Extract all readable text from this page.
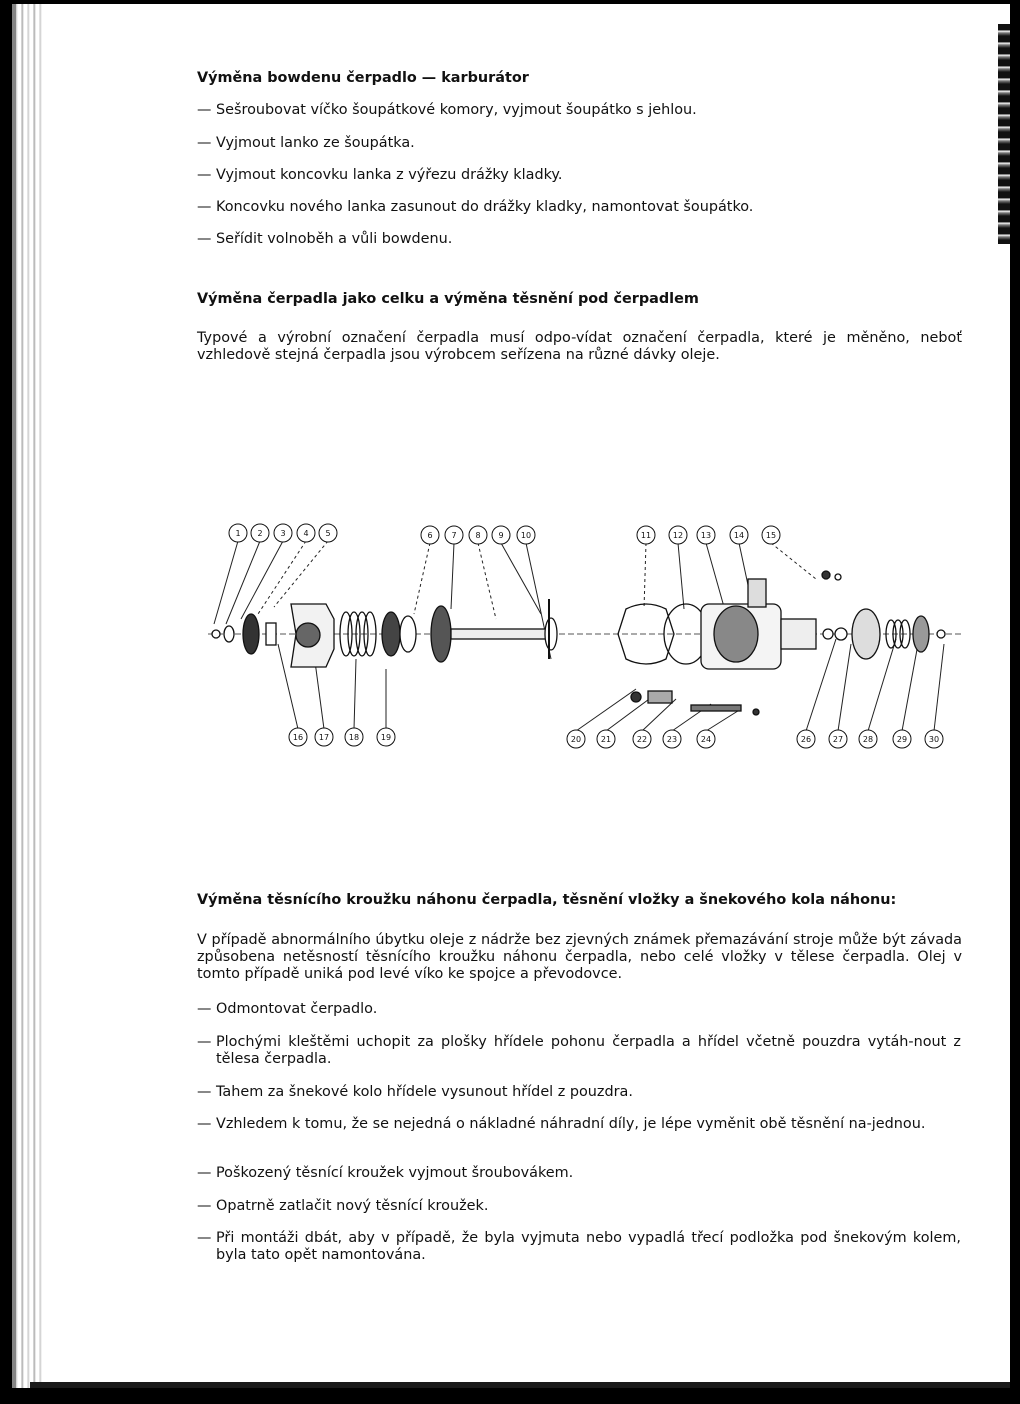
Výměna bowdenu čerpadlo — karburátor
— Sešroubovat víčko šoupátkové komory, vyjmout šoupátko s jehlou.
— Vyjmout lanko ze šoupátka.
— Vyjmout koncovku lanka z výřezu drážky kladky.
— Koncovku nového lanka zasunout do drážky kladky, namontovat šoupátko.
— Seřídit volnoběh a vůli bowdenu.
Výměna čerpadla jako celku a výměna těsnění pod čerpadlem
Typové a výrobní označení čerpadla musí odpo-vídat označení čerpadla, které je měněno, neboť vzhledově stejná čerpadla jsou výrobcem seřízena na různé dávky oleje.
1 2 3 4 5	6 7 8 9 10	11	12 13	14	15
16 17 18	19	20 21	22 23	24	26	27 28	29	30
Výměna těsnícího kroužku náhonu čerpadla, těsnění vložky a šnekového kola náhonu:
V případě abnormálního úbytku oleje z nádrže bez zjevných známek přemazávání stroje může být závada způsobena netěsností těsnícího kroužku náhonu čerpadla, nebo celé vložky v tělese čerpadla. Olej v tomto případě uniká pod levé víko ke spojce a převodovce.
— Odmontovat čerpadlo.
— Plochými kleštěmi uchopit za plošky hřídele pohonu čerpadla a hřídel včetně pouzdra vytáh-nout z tělesa čerpadla.
— Tahem za šnekové kolo hřídele vysunout hřídel z pouzdra.
— Vzhledem k tomu, že se nejedná o nákladné náhradní díly, je lépe vyměnit obě těsnění na-jednou.
— Poškozený těsnící kroužek vyjmout šroubovákem.
— Opatrně zatlačit nový těsnící kroužek.
— Při montáži dbát, aby v případě, že byla vyjmuta nebo vypadlá třecí podložka pod šnekovým kolem, byla tato opět namontována.
